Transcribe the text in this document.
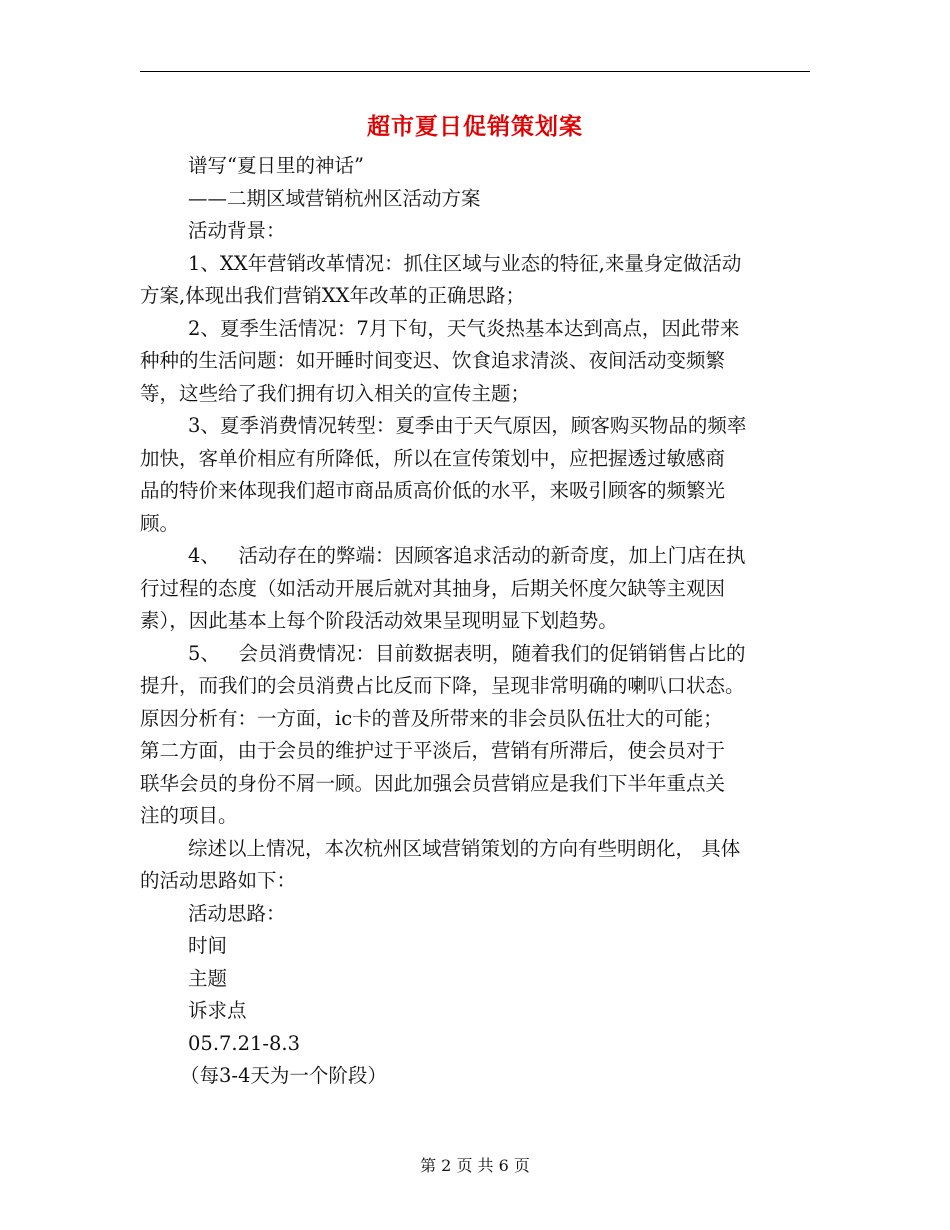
超市夏日促销策划案
谱写“夏日里的神话”
——二期区域营销杭州区活动方案
活动背景：
1、XX年营销改革情况：抓住区域与业态的特征,来量身定做活动
方案,体现出我们营销XX年改革的正确思路；
2、夏季生活情况：7月下旬，天气炎热基本达到高点，因此带来
种种的生活问题：如开睡时间变迟、饮食追求清淡、夜间活动变频繁
等，这些给了我们拥有切入相关的宣传主题；
3、夏季消费情况转型：夏季由于天气原因，顾客购买物品的频率
加快，客单价相应有所降低，所以在宣传策划中，应把握透过敏感商
品的特价来体现我们超市商品质高价低的水平，来吸引顾客的频繁光
顾。
4、   活动存在的弊端：因顾客追求活动的新奇度，加上门店在执
行过程的态度（如活动开展后就对其抽身，后期关怀度欠缺等主观因
素），因此基本上每个阶段活动效果呈现明显下划趋势。
5、   会员消费情况：目前数据表明，随着我们的促销销售占比的
提升，而我们的会员消费占比反而下降，呈现非常明确的喇叭口状态。
原因分析有：一方面，ic卡的普及所带来的非会员队伍壮大的可能；
第二方面，由于会员的维护过于平淡后，营销有所滞后，使会员对于
联华会员的身份不屑一顾。因此加强会员营销应是我们下半年重点关
注的项目。
综述以上情况，本次杭州区域营销策划的方向有些明朗化， 具体
的活动思路如下：
活动思路：
时间
主题
诉求点
05.7.21-8.3
（每3-4天为一个阶段）
第 2 页 共 6 页
